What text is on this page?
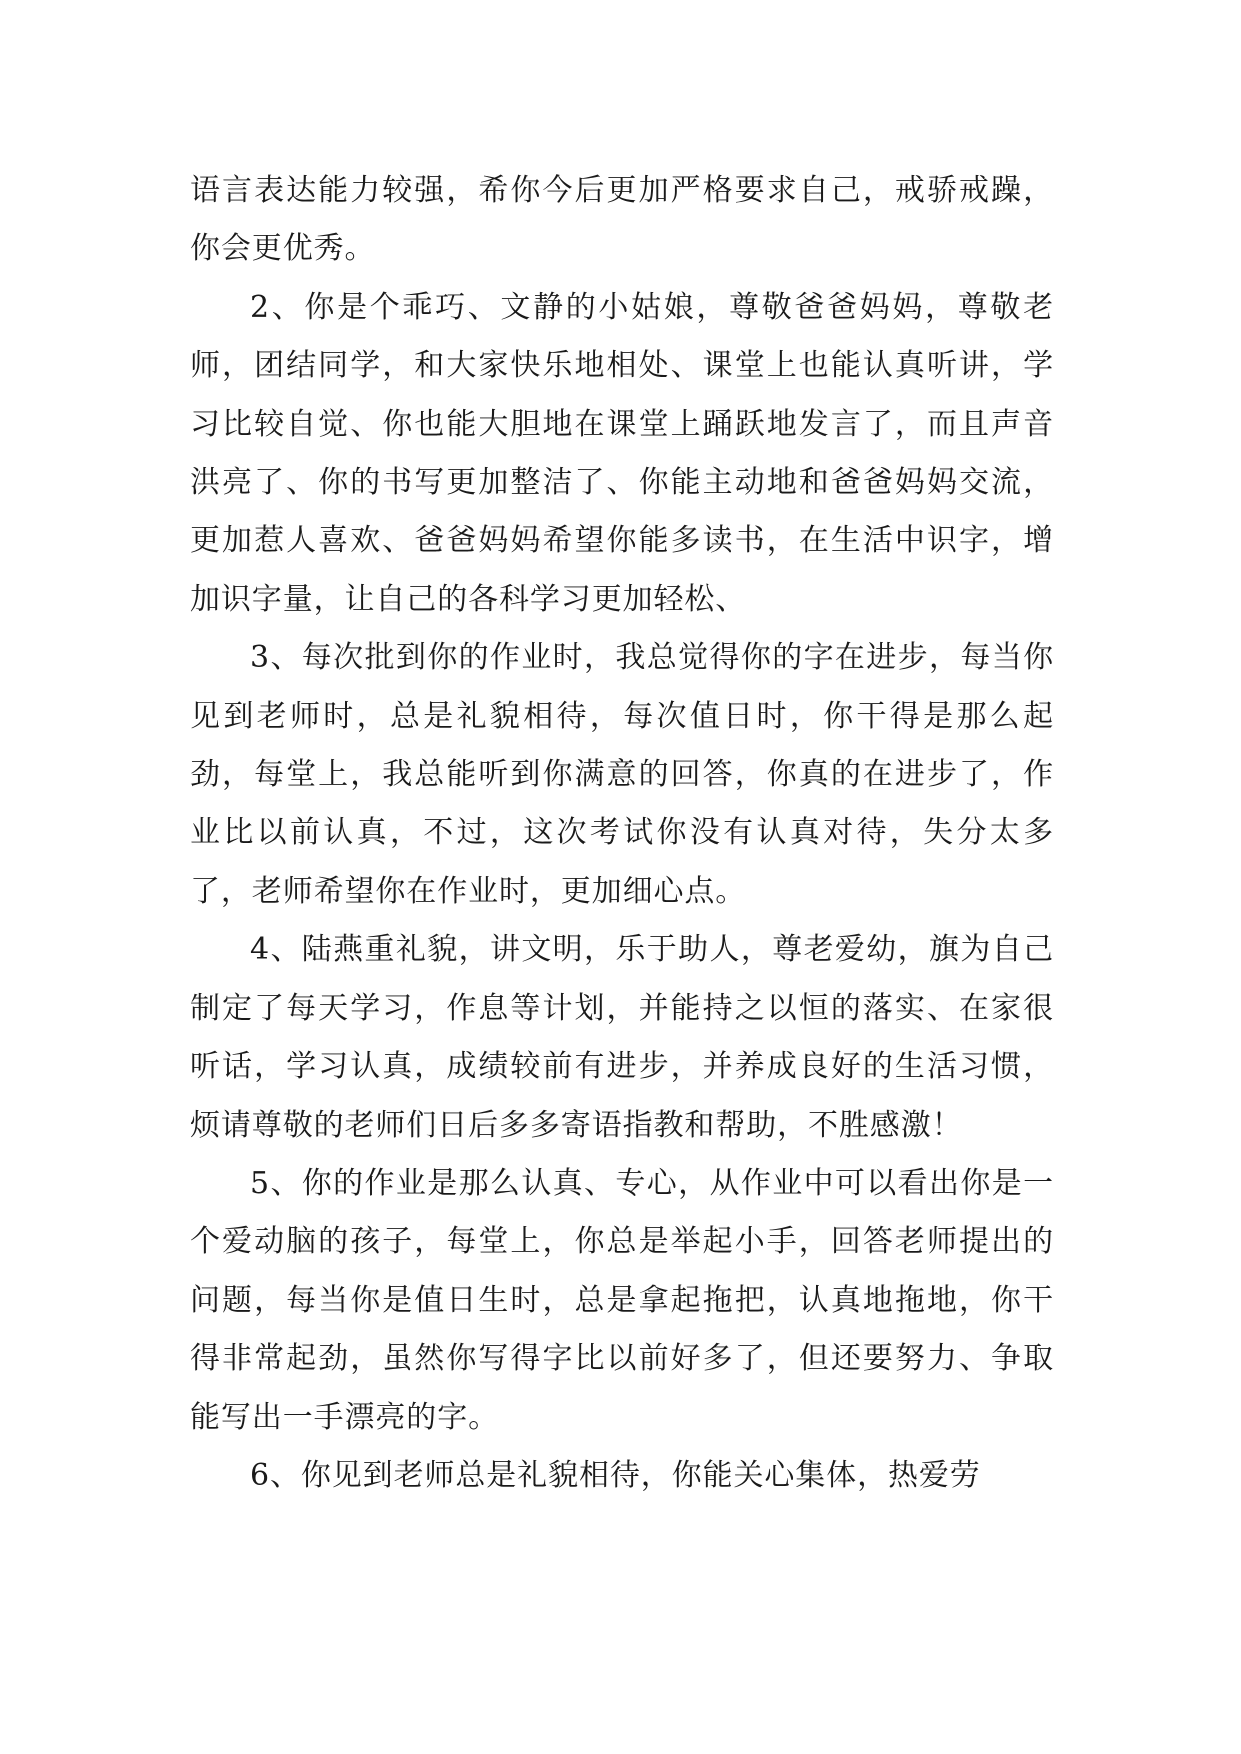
语言表达能力较强，希你今后更加严格要求自己，戒骄戒躁，你会更优秀。

2、你是个乖巧、文静的小姑娘，尊敬爸爸妈妈，尊敬老师，团结同学，和大家快乐地相处、课堂上也能认真听讲，学习比较自觉、你也能大胆地在课堂上踊跃地发言了，而且声音洪亮了、你的书写更加整洁了、你能主动地和爸爸妈妈交流，更加惹人喜欢、爸爸妈妈希望你能多读书，在生活中识字，增加识字量，让自己的各科学习更加轻松、

3、每次批到你的作业时，我总觉得你的字在进步，每当你见到老师时，总是礼貌相待，每次值日时，你干得是那么起劲，每堂上，我总能听到你满意的回答，你真的在进步了，作业比以前认真，不过，这次考试你没有认真对待，失分太多了，老师希望你在作业时，更加细心点。

4、陆燕重礼貌，讲文明，乐于助人，尊老爱幼，旗为自己制定了每天学习，作息等计划，并能持之以恒的落实、在家很听话，学习认真，成绩较前有进步，并养成良好的生活习惯，烦请尊敬的老师们日后多多寄语指教和帮助，不胜感激！

5、你的作业是那么认真、专心，从作业中可以看出你是一个爱动脑的孩子，每堂上，你总是举起小手，回答老师提出的问题，每当你是值日生时，总是拿起拖把，认真地拖地，你干得非常起劲，虽然你写得字比以前好多了，但还要努力、争取能写出一手漂亮的字。

6、你见到老师总是礼貌相待，你能关心集体，热爱劳
